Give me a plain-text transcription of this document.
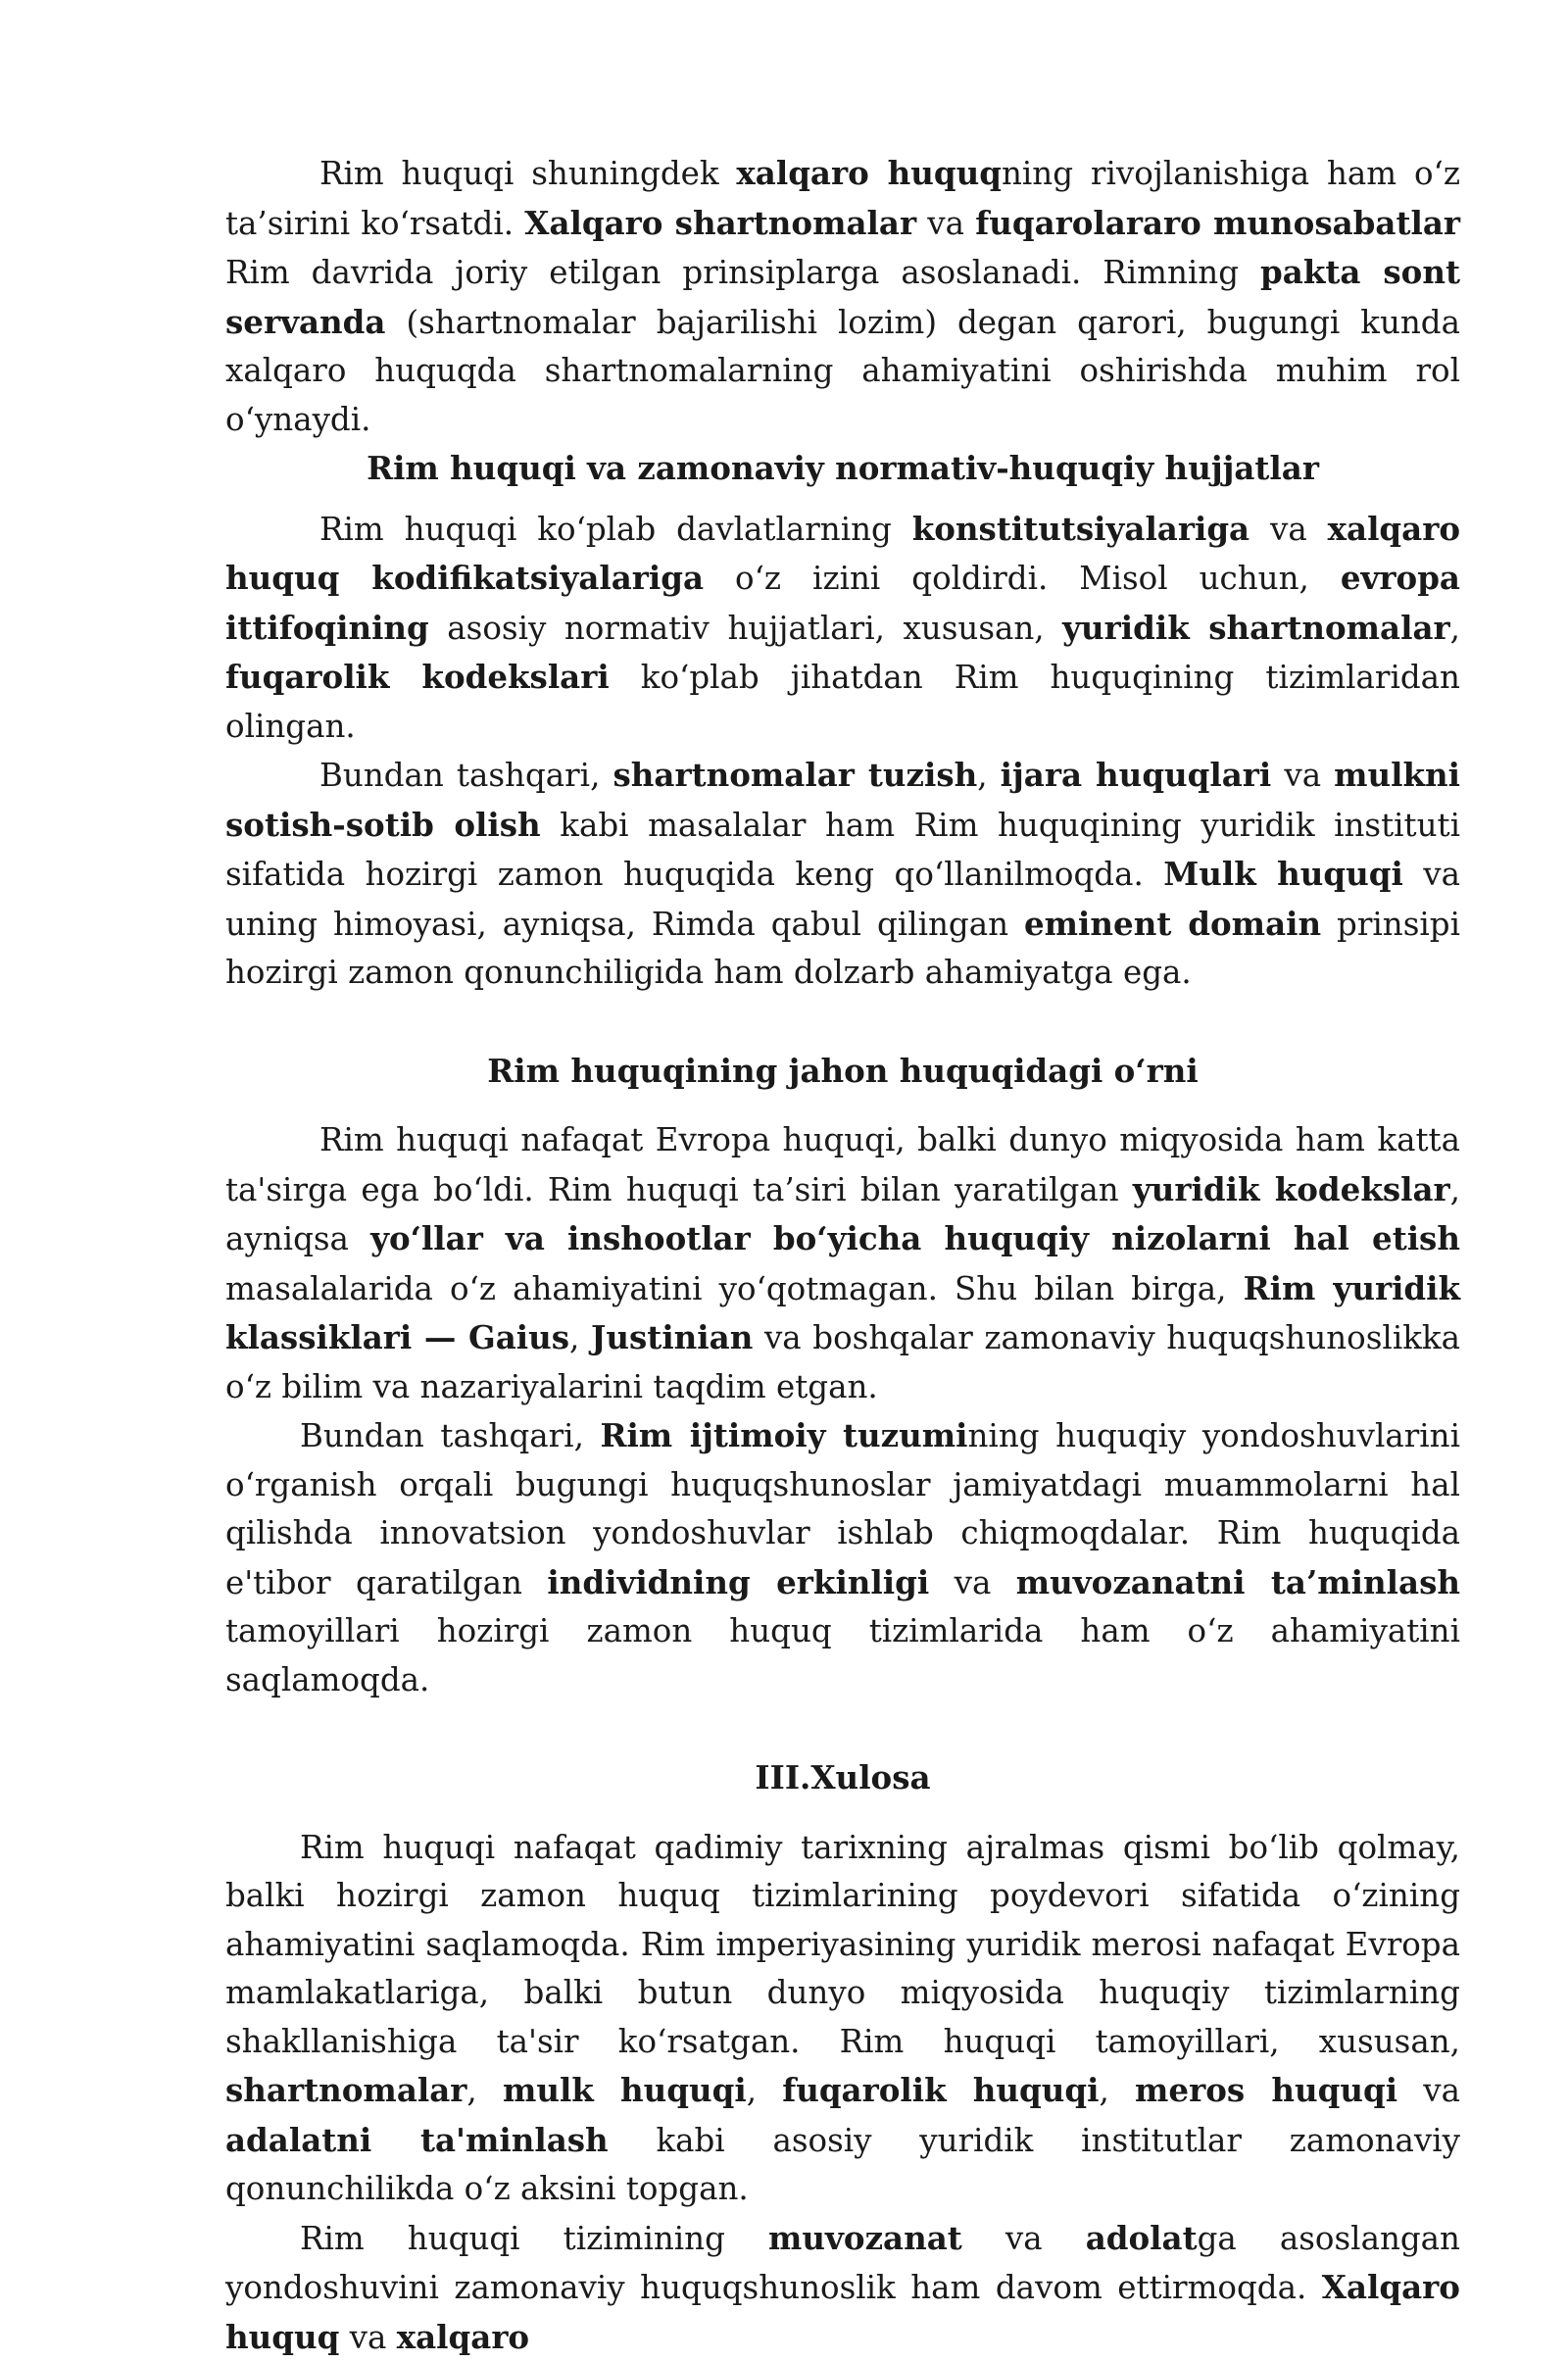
Rim huquqi shuningdek xalqaro huquqning rivojlanishiga ham o‘z ta’sirini ko‘rsatdi. Xalqaro shartnomalar va fuqarolararo munosabatlar Rim davrida joriy etilgan prinsiplarga asoslanadi. Rimning pakta sont servanda (shartnomalar bajarilishi lozim) degan qarori, bugungi kunda xalqaro huquqda shartnomalarning ahamiyatini oshirishda muhim rol o‘ynaydi.

Rim huquqi va zamonaviy normativ-huquqiy hujjatlar

Rim huquqi ko‘plab davlatlarning konstitutsiyalariga va xalqaro huquq kodifikatsiyalariga o‘z izini qoldirdi. Misol uchun, evropa ittifoqining asosiy normativ hujjatlari, xususan, yuridik shartnomalar, fuqarolik kodekslari ko‘plab jihatdan Rim huquqining tizimlaridan olingan.

Bundan tashqari, shartnomalar tuzish, ijara huquqlari va mulkni sotish-sotib olish kabi masalalar ham Rim huquqining yuridik instituti sifatida hozirgi zamon huquqida keng qo‘llanilmoqda. Mulk huquqi va uning himoyasi, ayniqsa, Rimda qabul qilingan eminent domain prinsipi hozirgi zamon qonunchiligida ham dolzarb ahamiyatga ega.

Rim huquqining jahon huquqidagi o‘rni

Rim huquqi nafaqat Evropa huquqi, balki dunyo miqyosida ham katta ta'sirga ega bo‘ldi. Rim huquqi ta’siri bilan yaratilgan yuridik kodekslar, ayniqsa yo‘llar va inshootlar bo‘yicha huquqiy nizolarni hal etish masalalarida o‘z ahamiyatini yo‘qotmagan. Shu bilan birga, Rim yuridik klassiklari — Gaius, Justinian va boshqalar zamonaviy huquqshunoslikka o‘z bilim va nazariyalarini taqdim etgan.

Bundan tashqari, Rim ijtimoiy tuzumining huquqiy yondoshuvlarini o‘rganish orqali bugungi huquqshunoslar jamiyatdagi muammolarni hal qilishda innovatsion yondoshuvlar ishlab chiqmoqdalar. Rim huquqida e'tibor qaratilgan individning erkinligi va muvozanatni ta’minlash tamoyillari hozirgi zamon huquq tizimlarida ham o‘z ahamiyatini saqlamoqda.

III.Xulosa

Rim huquqi nafaqat qadimiy tarixning ajralmas qismi bo‘lib qolmay, balki hozirgi zamon huquq tizimlarining poydevori sifatida o‘zining ahamiyatini saqlamoqda. Rim imperiyasining yuridik merosi nafaqat Evropa mamlakatlariga, balki butun dunyo miqyosida huquqiy tizimlarning shakllanishiga ta'sir ko‘rsatgan. Rim huquqi tamoyillari, xususan, shartnomalar, mulk huquqi, fuqarolik huquqi, meros huquqi va adalatni ta'minlash kabi asosiy yuridik institutlar zamonaviy qonunchilikda o‘z aksini topgan.

Rim huquqi tizimining muvozanat va adolatga asoslangan yondoshuvini zamonaviy huquqshunoslik ham davom ettirmoqda. Xalqaro huquq va xalqaro
